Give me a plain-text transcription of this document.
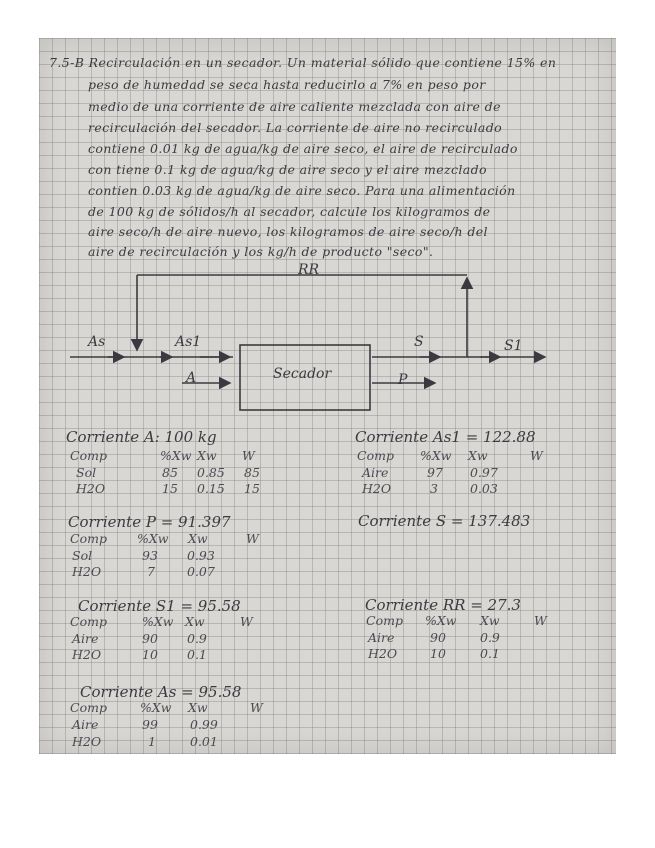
7.5-B Recirculación en un secador. Un material sólido que contiene 15% en
peso de humedad se seca hasta reducirlo a 7% en peso por
medio de una corriente de aire caliente mezclada con aire de
recirculación del secador. La corriente de aire no recirculado
contiene 0.01 kg de agua/kg de aire seco, el aire de recirculado
con tiene 0.1 kg de agua/kg de aire seco y el aire mezclado
contien 0.03 kg de agua/kg de aire seco. Para una alimentación
de 100 kg de sólidos/h al secador, calcule los kilogramos de
aire seco/h de aire nuevo, los kilogramos de aire seco/h del
aire de recirculación y los kg/h de producto "seco".
RR
As	As1
A	Secador
S	S1
P
Corriente A: 100 kg
Comp	%Xw Xw W
Sol	85 0.85 85
H2O	15 0.15 15
Corriente As1 = 122.88
Comp %Xw Xw	W
Aire	97 0.97
H2O	3	0.03
Corriente P = 91.397
Comp %Xw Xw	W
Sol	93 0.93
H2O	7	0.07
Corriente S = 137.483
Corriente S1 = 95.58
Comp	%Xw Xw	W
Aire	90 0.9
H2O	10 0.1
Corriente RR = 27.3
Comp %Xw Xw	W
Aire	90	0.9
H2O	10	0.1
Corriente As = 95.58
Comp	%Xw Xw	W
Aire	99	0.99
H2O	1	0.01
